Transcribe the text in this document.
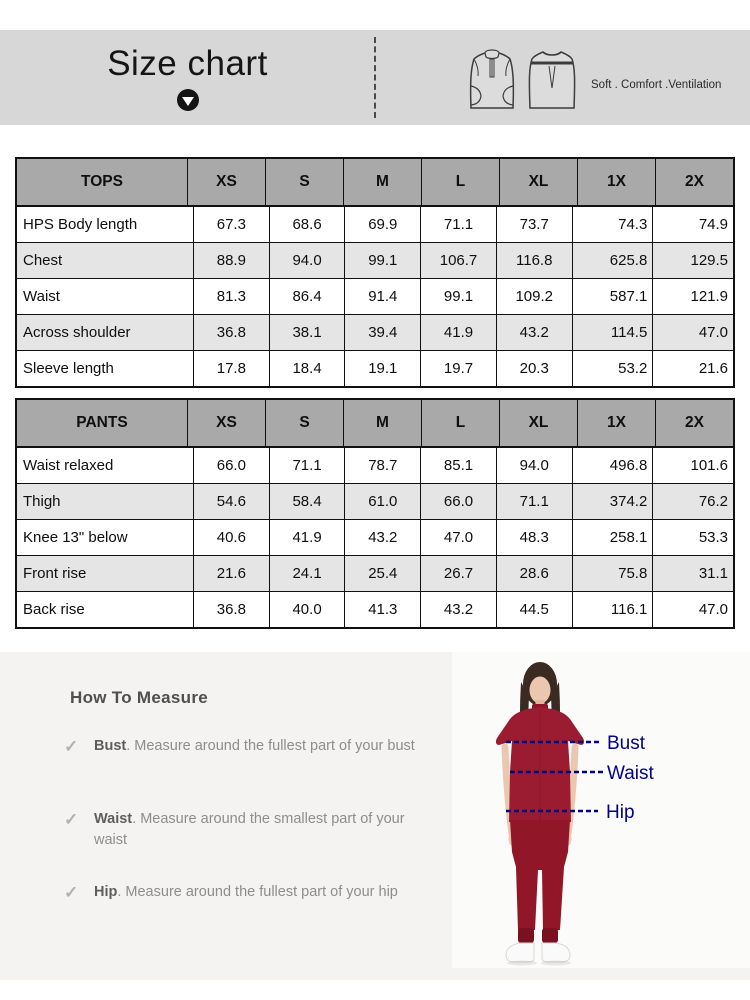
Size chart
Soft . Comfort .Ventilation
TOPS	XS	S	M	L	XL	1X	2X
HPS Body length	67.3	68.6	69.9	71.1	73.7	74.3	74.9
Chest	88.9	94.0	99.1	106.7	116.8	625.8	129.5
Waist	81.3	86.4	91.4	99.1	109.2	587.1	121.9
Across shoulder	36.8	38.1	39.4	41.9	43.2	114.5	47.0
Sleeve length	17.8	18.4	19.1	19.7	20.3	53.2	21.6
PANTS	XS	S	M	L	XL	1X	2X
Waist relaxed	66.0	71.1	78.7	85.1	94.0	496.8	101.6
Thigh	54.6	58.4	61.0	66.0	71.1	374.2	76.2
Knee 13" below	40.6	41.9	43.2	47.0	48.3	258.1	53.3
Front rise	21.6	24.1	25.4	26.7	28.6	75.8	31.1
Back rise	36.8	40.0	41.3	43.2	44.5	116.1	47.0
How To Measure
✓	Bust. Measure around the fullest part of your bust

✓	Waist. Measure around the smallest part of your waist

✓	Hip. Measure around the fullest part of your hip

Bust
Waist
Hip
